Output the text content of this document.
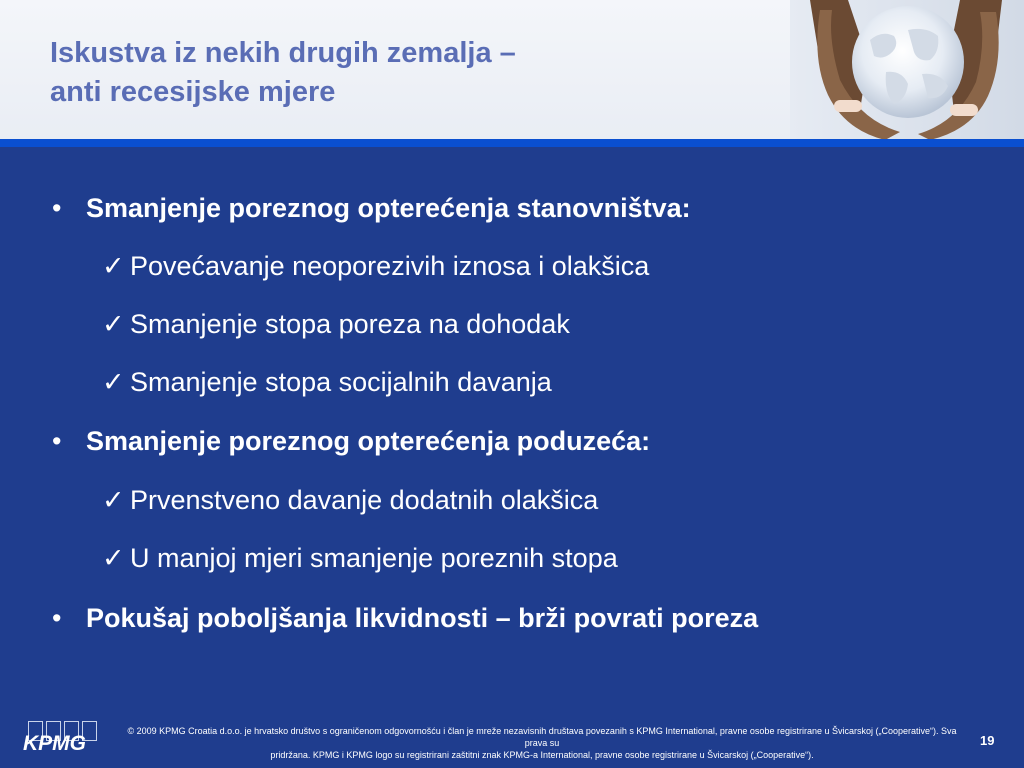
Iskustva iz nekih drugih zemalja –
anti recesijske mjere
• Smanjenje poreznog opterećenja stanovništva:
✓ Povećavanje neoporezivih iznosa i olakšica
✓ Smanjenje stopa poreza na dohodak
✓ Smanjenje stopa socijalnih davanja
• Smanjenje poreznog opterećenja poduzeća:
✓ Prvenstveno davanje dodatnih olakšica
✓ U manjoj mjeri smanjenje poreznih stopa
• Pokušaj poboljšanja likvidnosti – brži povrati poreza
KPMG
© 2009 KPMG Croatia d.o.o. je hrvatsko društvo s ograničenom odgovornošću i član je mreže nezavisnih društava povezanih s KPMG International, pravne osobe registrirane u Švicarskoj („Cooperative“). Sva prava su
pridržana. KPMG i KPMG logo su registrirani zaštitni znak KPMG-a International, pravne osobe registrirane u Švicarskoj („Cooperative“).
19
